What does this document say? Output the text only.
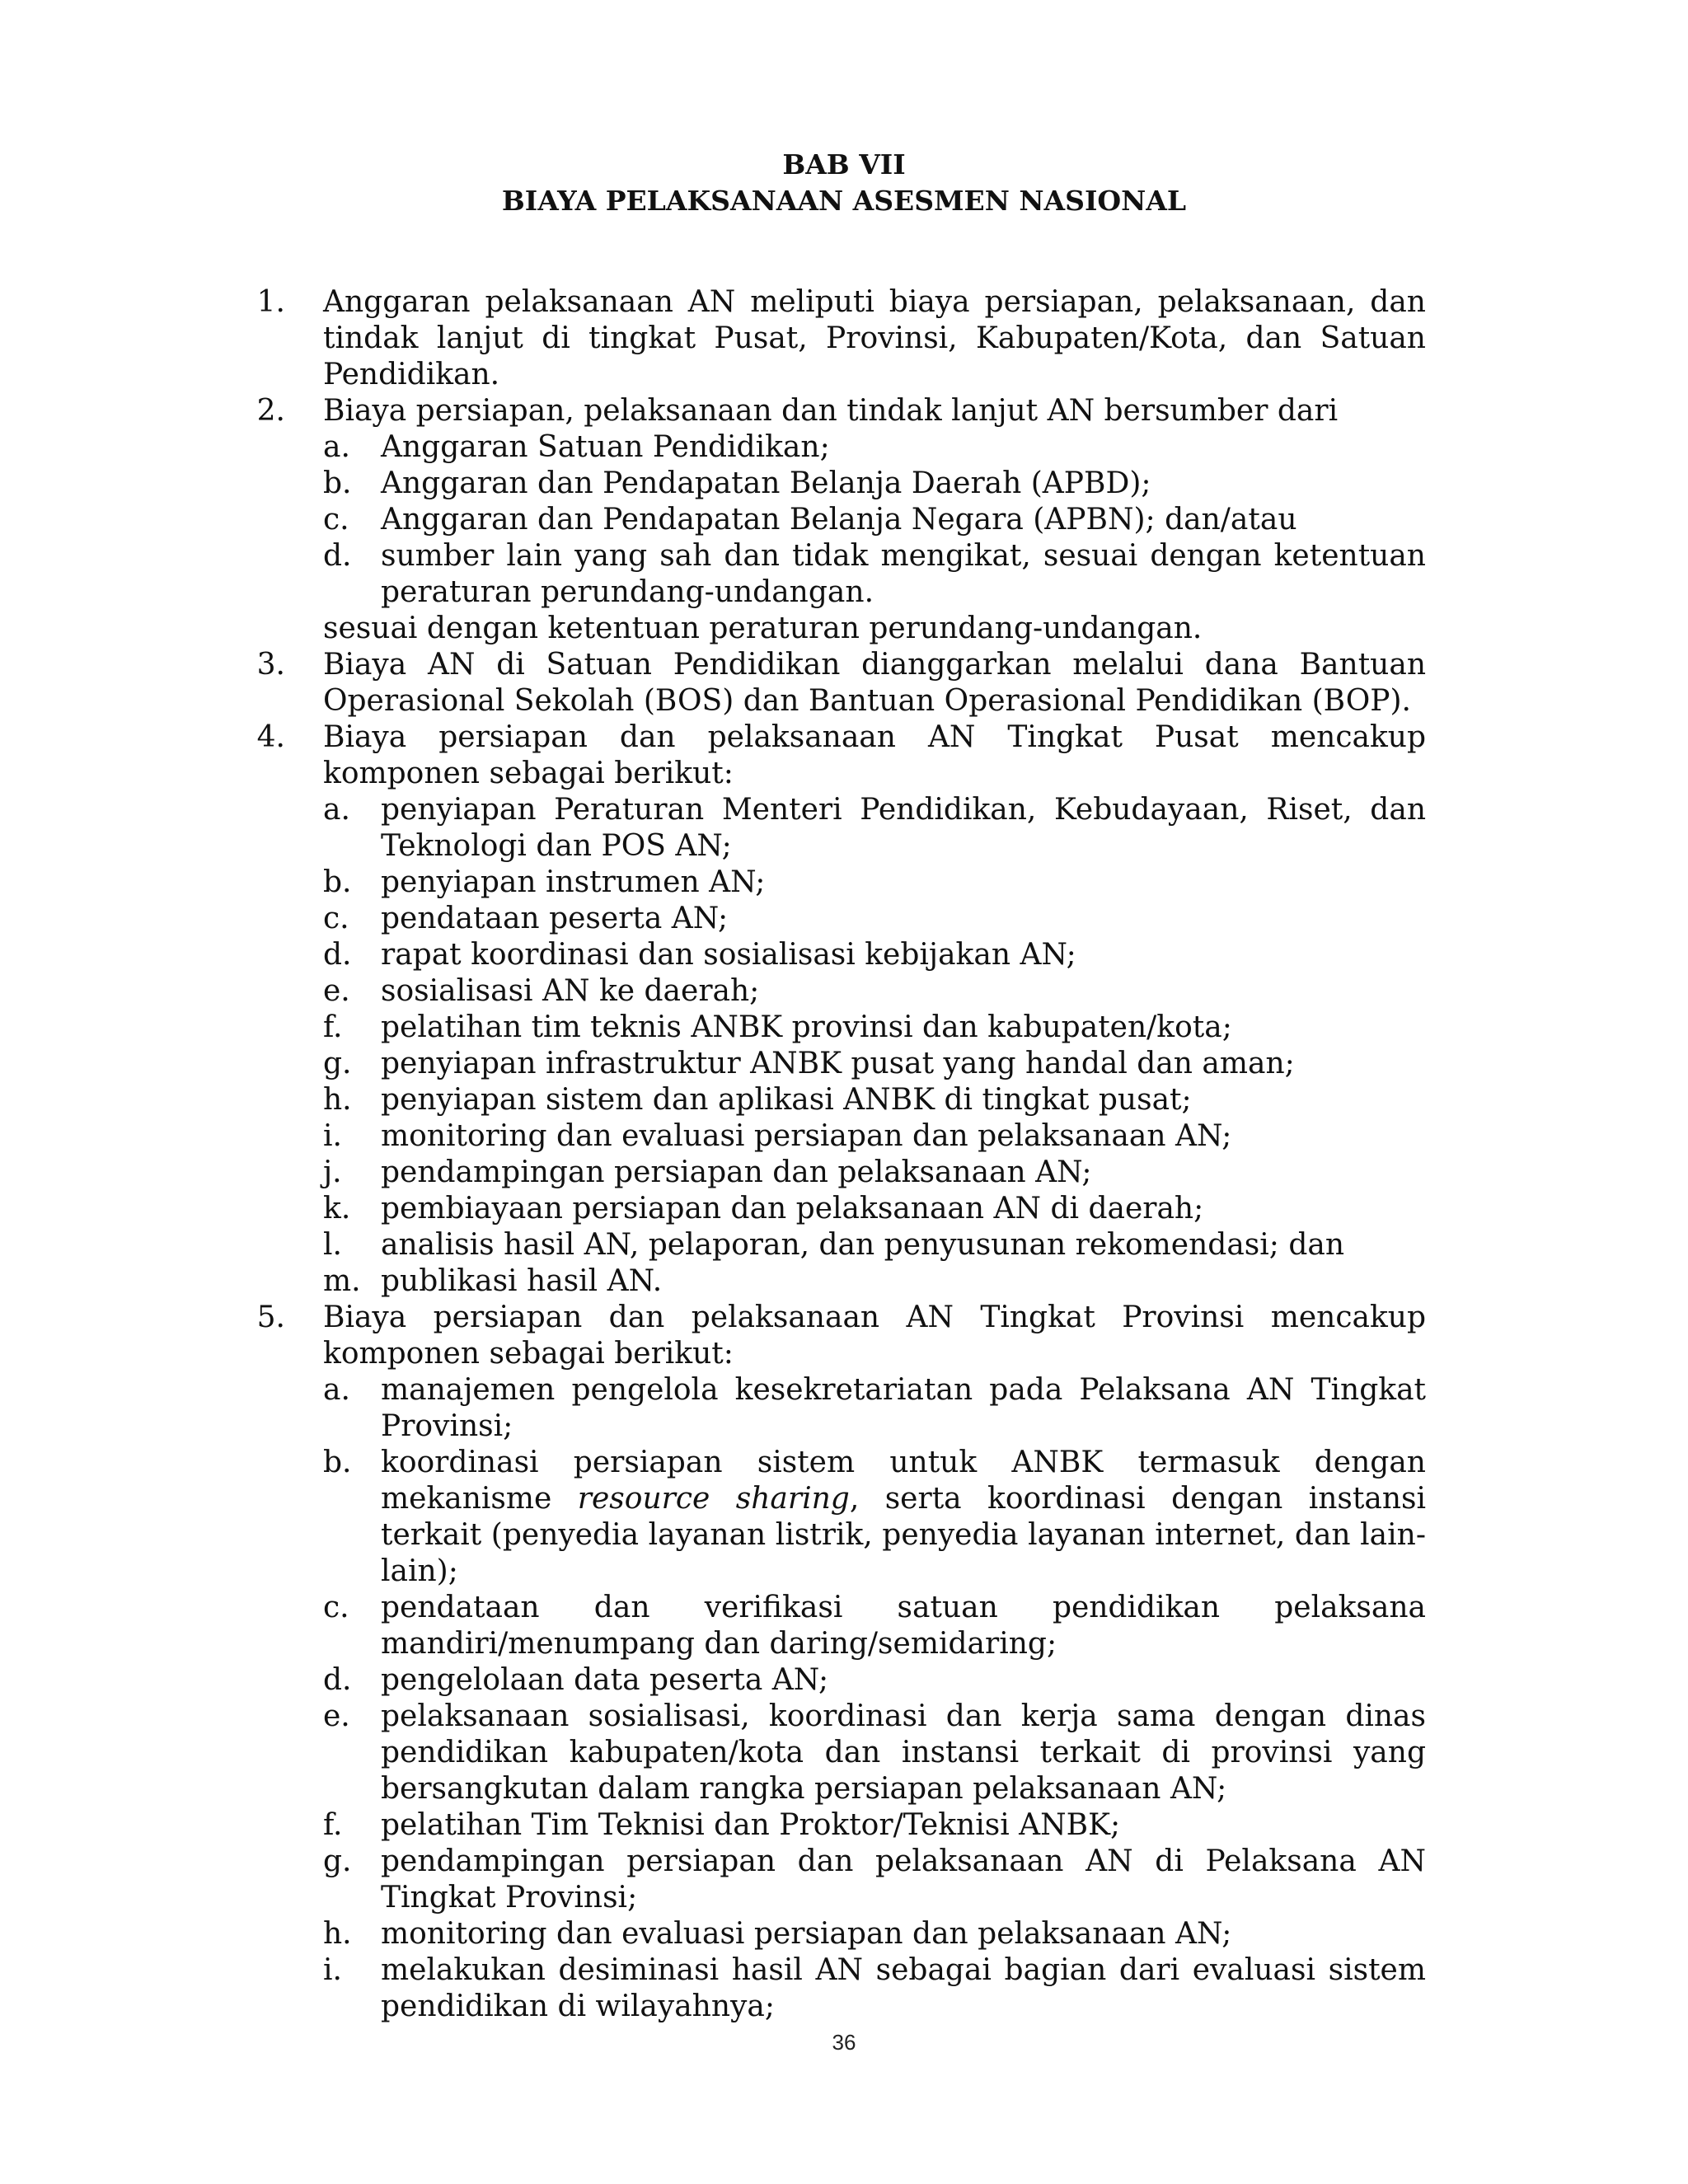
BAB VII
BIAYA PELAKSANAAN ASESMEN NASIONAL
1. Anggaran pelaksanaan AN meliputi biaya persiapan, pelaksanaan, dan tindak lanjut di tingkat Pusat, Provinsi, Kabupaten/Kota, dan Satuan Pendidikan.
2. Biaya persiapan, pelaksanaan dan tindak lanjut AN bersumber dari
a.	Anggaran Satuan Pendidikan;
b. Anggaran dan Pendapatan Belanja Daerah (APBD);
c.	Anggaran dan Pendapatan Belanja Negara (APBN); dan/atau
d. sumber lain yang sah dan tidak mengikat, sesuai dengan ketentuan peraturan perundang-undangan.
sesuai dengan ketentuan peraturan perundang-undangan.
3. Biaya AN di Satuan Pendidikan dianggarkan melalui dana Bantuan Operasional Sekolah (BOS) dan Bantuan Operasional Pendidikan (BOP).
4. Biaya persiapan dan pelaksanaan AN Tingkat Pusat mencakup komponen sebagai berikut:
a.	penyiapan Peraturan Menteri Pendidikan, Kebudayaan, Riset, dan Teknologi dan POS AN;
b. penyiapan instrumen AN;
c.	pendataan peserta AN;
d. rapat koordinasi dan sosialisasi kebijakan AN;
e.	sosialisasi AN ke daerah;
f.	pelatihan tim teknis ANBK provinsi dan kabupaten/kota;
g. penyiapan infrastruktur ANBK pusat yang handal dan aman;
h. penyiapan sistem dan aplikasi ANBK di tingkat pusat;
i.	monitoring dan evaluasi persiapan dan pelaksanaan AN;
j.	pendampingan persiapan dan pelaksanaan AN;
k.	pembiayaan persiapan dan pelaksanaan AN di daerah;
l.	analisis hasil AN, pelaporan, dan penyusunan rekomendasi; dan
m. publikasi hasil AN.
5. Biaya persiapan dan pelaksanaan AN Tingkat Provinsi mencakup komponen sebagai berikut:
a.	manajemen pengelola kesekretariatan pada Pelaksana AN Tingkat Provinsi;
b. koordinasi persiapan sistem untuk ANBK termasuk dengan mekanisme resource sharing, serta koordinasi dengan instansi terkait (penyedia layanan listrik, penyedia layanan internet, dan lain-lain);
c.	pendataan dan verifikasi satuan pendidikan pelaksana mandiri/menumpang dan daring/semidaring;
d. pengelolaan data peserta AN;
e.	pelaksanaan sosialisasi, koordinasi dan kerja sama dengan dinas pendidikan kabupaten/kota dan instansi terkait di provinsi yang bersangkutan dalam rangka persiapan pelaksanaan AN;
f.	pelatihan Tim Teknisi dan Proktor/Teknisi ANBK;
g. pendampingan persiapan dan pelaksanaan AN di Pelaksana AN Tingkat Provinsi;
h. monitoring dan evaluasi persiapan dan pelaksanaan AN;
i.	melakukan desiminasi hasil AN sebagai bagian dari evaluasi sistem pendidikan di wilayahnya;
36
